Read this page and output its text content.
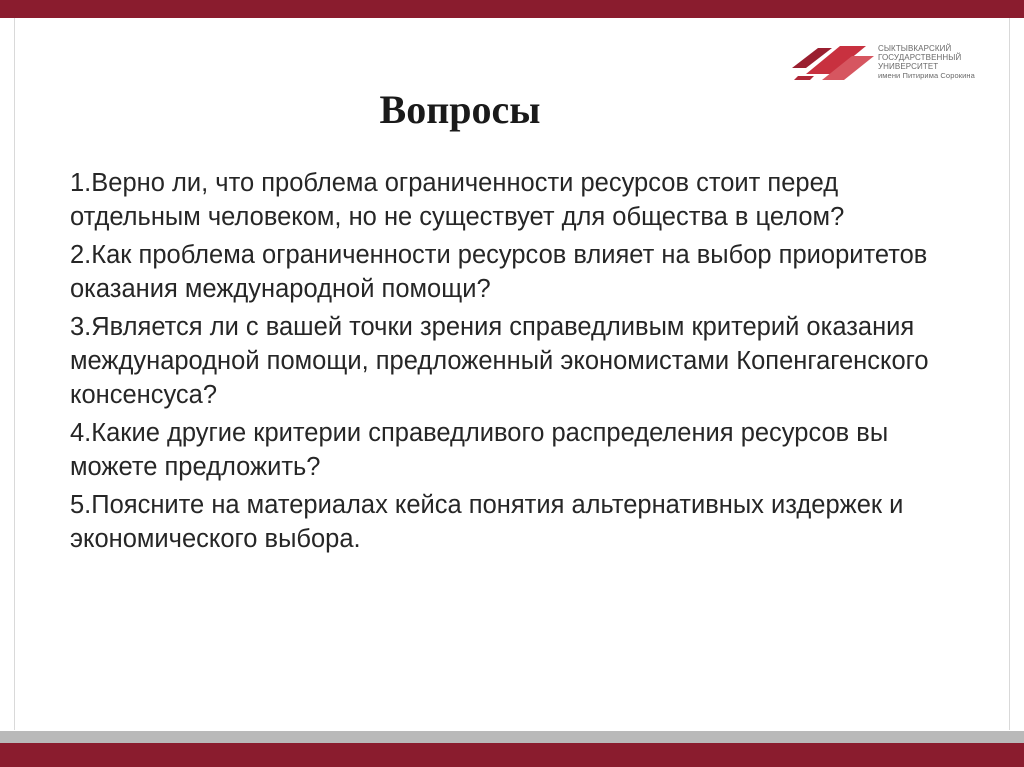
СЫКТЫВКАРСКИЙ
ГОСУДАРСТВЕННЫЙ
УНИВЕРСИТЕТ
имени Питирима Сорокина
Вопросы
1.Верно ли, что проблема ограниченности ресурсов стоит перед отдельным человеком, но не существует для общества в целом?
2.Как проблема ограниченности ресурсов влияет на выбор приоритетов оказания международной помощи?
3.Является ли с вашей точки зрения справедливым критерий оказания международной помощи, предложенный экономистами Копенгагенского консенсуса?
4.Какие другие критерии справедливого распределения ресурсов вы можете предложить?
5.Поясните на материалах кейса понятия альтернативных издержек и экономического выбора.
